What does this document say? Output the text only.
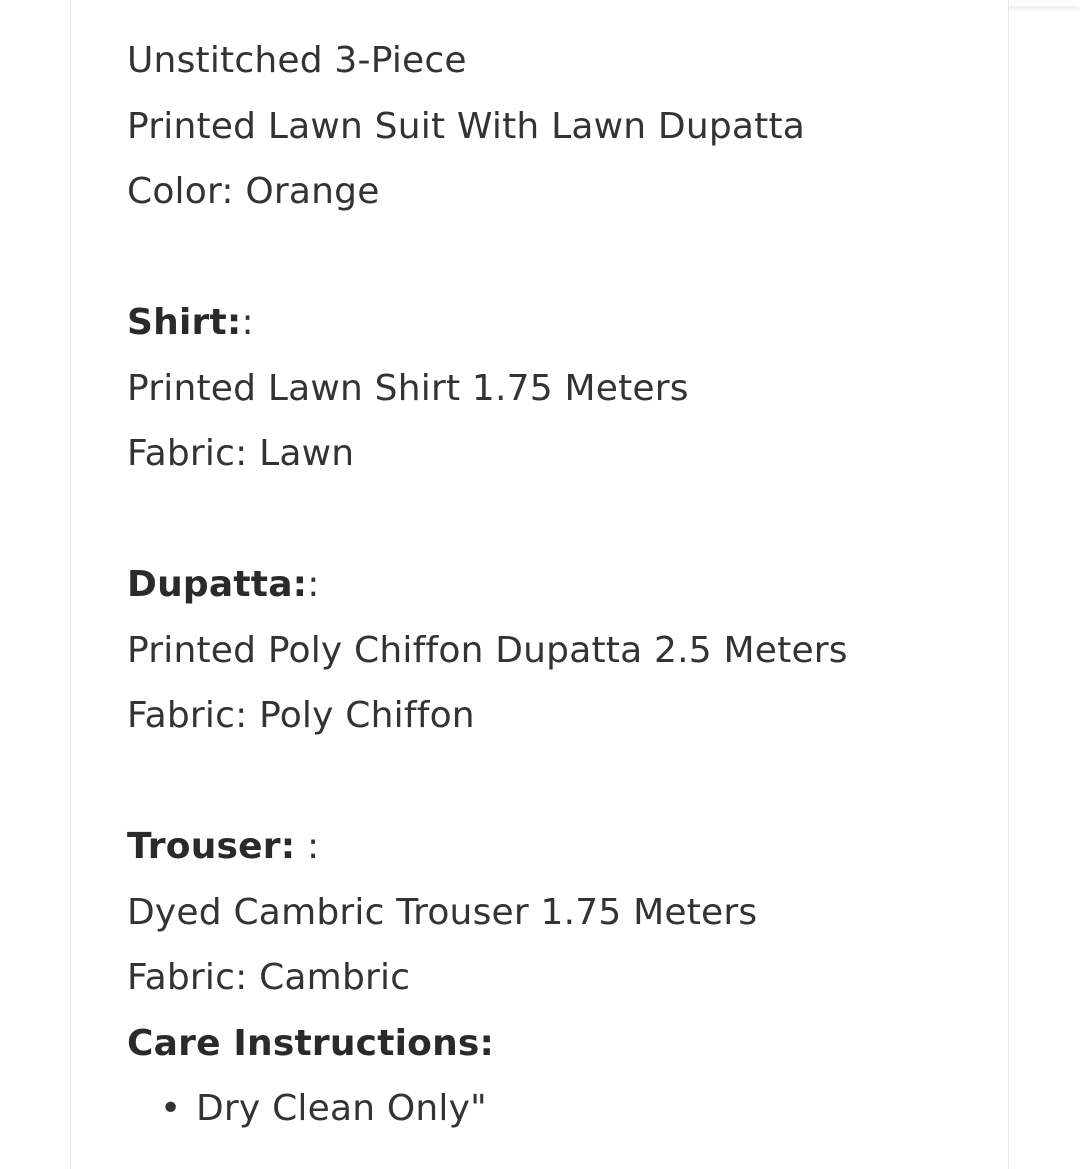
Unstitched 3-Piece
Printed Lawn Suit With Lawn Dupatta
Color: Orange
Shirt::
Printed Lawn Shirt 1.75 Meters
Fabric: Lawn
Dupatta::
Printed Poly Chiffon Dupatta 2.5 Meters
Fabric: Poly Chiffon
Trouser: :
Dyed Cambric Trouser 1.75 Meters
Fabric: Cambric
Care Instructions:
• Dry Clean Only"
